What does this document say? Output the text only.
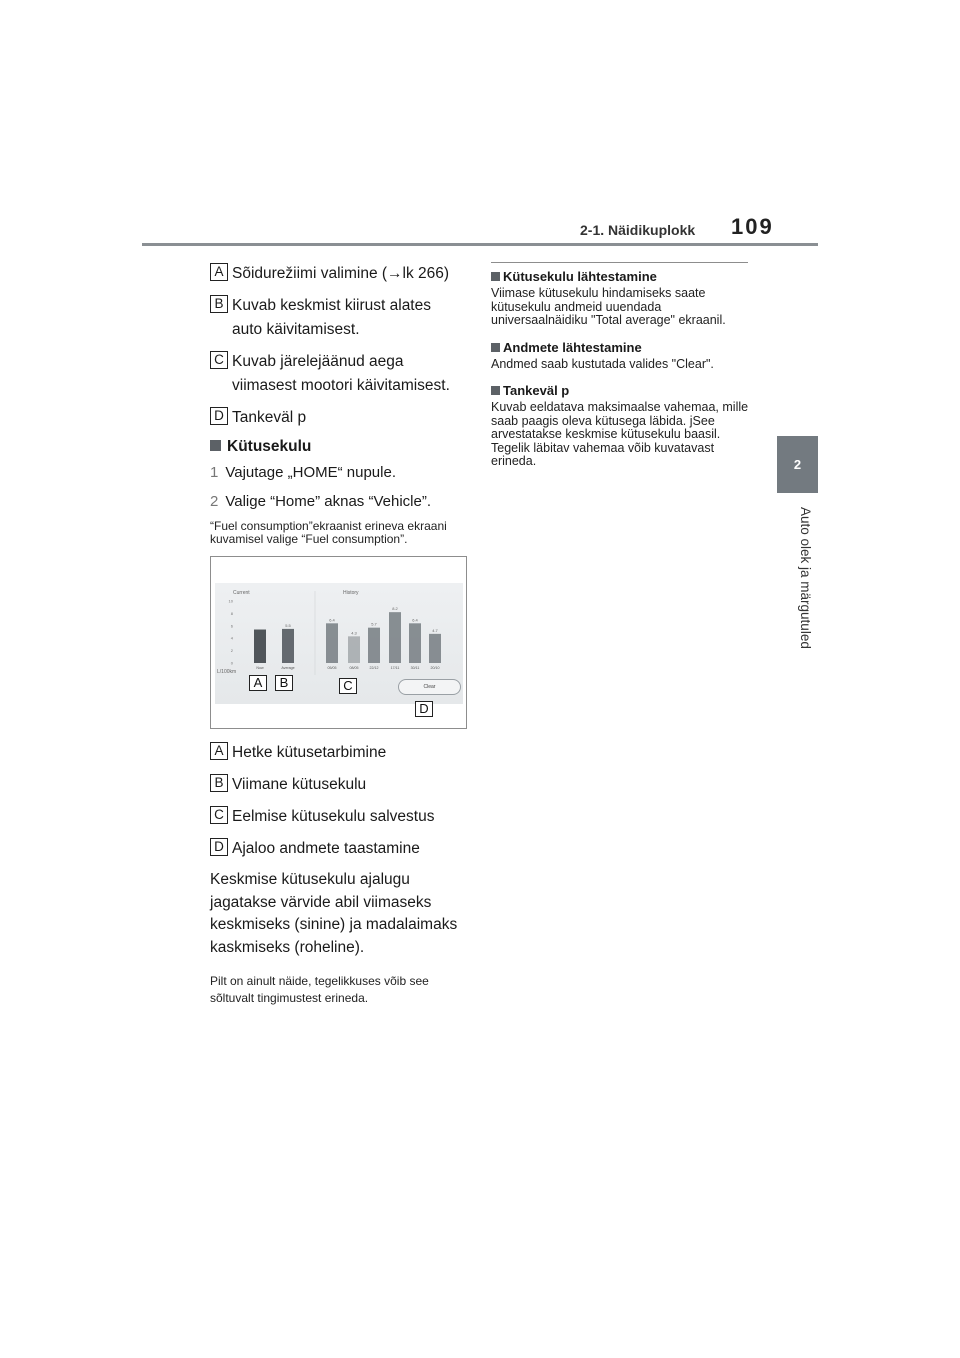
2-1. Näidikuplokk 109
2
Auto olek ja märgutuled
A Sõidurežiimi valimine (→lk 266)
B Kuvab keskmist kiirust alates
auto käivitamisest.
C Kuvab järelejäänud aega
viimasest mootori käivitamisest.
D Tankeväl p
Kütusekulu
1 Vajutage „HOME“ nupule.
2 Valige “Home” aknas “Vehicle”.
“Fuel consumption”ekraanist erineva ekraani kuvamisel valige “Fuel consumption”.
Current	History
L/100km
10
8
6
4
2
0
Now
5.5
Average
6.4
05/05
4.3
08/05
5.7
22/12
8.2
17/11
6.4
30/11
4.7
20/10
Clear
A	B	C
D
A Hetke kütusetarbimine
B Viimane kütusekulu
C Eelmise kütusekulu salvestus
D Ajaloo andmete taastamine
Keskmise kütusekulu ajalugu jagatakse värvide abil viimaseks keskmiseks (sinine) ja madalaimaks kaskmiseks (roheline).
Pilt on ainult näide, tegelikkuses võib see sõltuvalt tingimustest erineda.
Kütusekulu lähtestamine
Viimase kütusekulu hindamiseks saate kütusekulu andmeid uuendada universaalnäidiku "Total average" ekraanil.
Andmete lähtestamine
Andmed saab kustutada valides "Clear".
Tankeväl p
Kuvab eeldatava maksimaalse vahemaa, mille saab paagis oleva kütusega läbida. jSee arvestatakse keskmise kütusekulu baasil. Tegelik läbitav vahemaa võib kuvatavast erineda.
